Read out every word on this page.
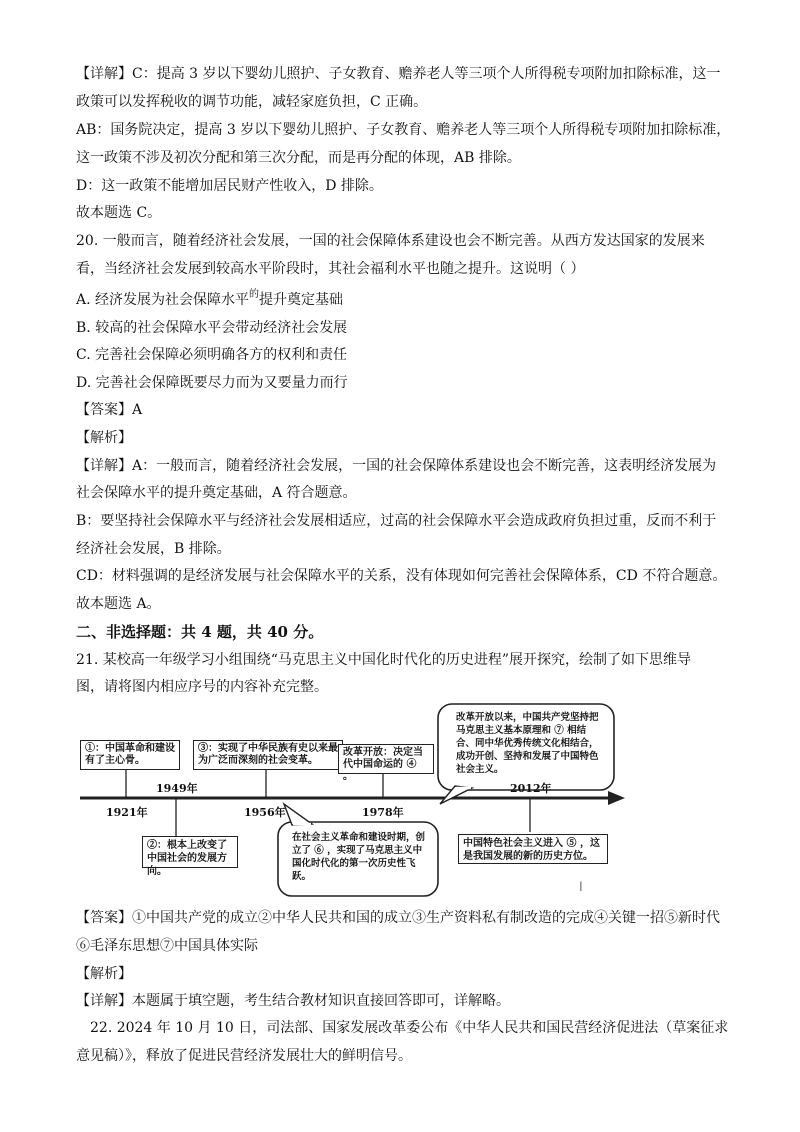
【详解】C：提高 3 岁以下婴幼儿照护、子女教育、赡养老人等三项个人所得税专项附加扣除标准，这一
政策可以发挥税收的调节功能，减轻家庭负担，C 正确。
AB：国务院决定，提高 3 岁以下婴幼儿照护、子女教育、赡养老人等三项个人所得税专项附加扣除标准，
这一政策不涉及初次分配和第三次分配，而是再分配的体现，AB 排除。
D：这一政策不能增加居民财产性收入，D 排除。
故本题选 C。
20. 一般而言，随着经济社会发展，一国的社会保障体系建设也会不断完善。从西方发达国家的发展来
看，当经济社会发展到较高水平阶段时，其社会福利水平也随之提升。这说明（ ）
A. 经济发展为社会保障水平$^的$提升奠定基础
B. 较高的社会保障水平会带动经济社会发展
C. 完善社会保障必须明确各方的权利和责任
D. 完善社会保障既要尽力而为又要量力而行
【答案】A
【解析】
【详解】A：一般而言，随着经济社会发展，一国的社会保障体系建设也会不断完善，这表明经济发展为
社会保障水平的提升奠定基础，A 符合题意。
B：要坚持社会保障水平与经济社会发展相适应，过高的社会保障水平会造成政府负担过重，反而不利于
经济社会发展，B 排除。
CD：材料强调的是经济发展与社会保障水平的关系，没有体现如何完善社会保障体系，CD 不符合题意。
故本题选 A。
二、非选择题：共 4 题，共 40 分。
21. 某校高一年级学习小组围绕“马克思主义中国化时代化的历史进程”展开探究，绘制了如下思维导
图，请将图内相应序号的内容补充完整。
①：中国革命和建设有了主心骨。
③：实现了中华民族有史以来最为广泛而深刻的社会变革。
改革开放：决定当代中国命运的 ④ 。
②：根本上改变了中国社会的发展方向。
中国特色社会主义进入 ⑤ ，这是我国发展的新的历史方位。
在社会主义革命和建设时期，创立了 ⑥ ，实现了马克思主义中国化时代化的第一次历史性飞跃。
改革开放以来，中国共产党坚持把马克思主义基本原理和 ⑦ 相结合、同中华优秀传统文化相结合，成功开创、坚持和发展了中国特色社会主义。
1921年
1949年
1956年	1978年
2012年
╷
【答案】①中国共产党的成立②中华人民共和国的成立③生产资料私有制改造的完成④关键一招⑤新时代
⑥毛泽东思想⑦中国具体实际
【解析】
【详解】本题属于填空题，考生结合教材知识直接回答即可，详解略。
22. 2024 年 10 月 10 日，司法部、国家发展改革委公布《中华人民共和国民营经济促进法（草案征求
意见稿）》，释放了促进民营经济发展壮大的鲜明信号。
